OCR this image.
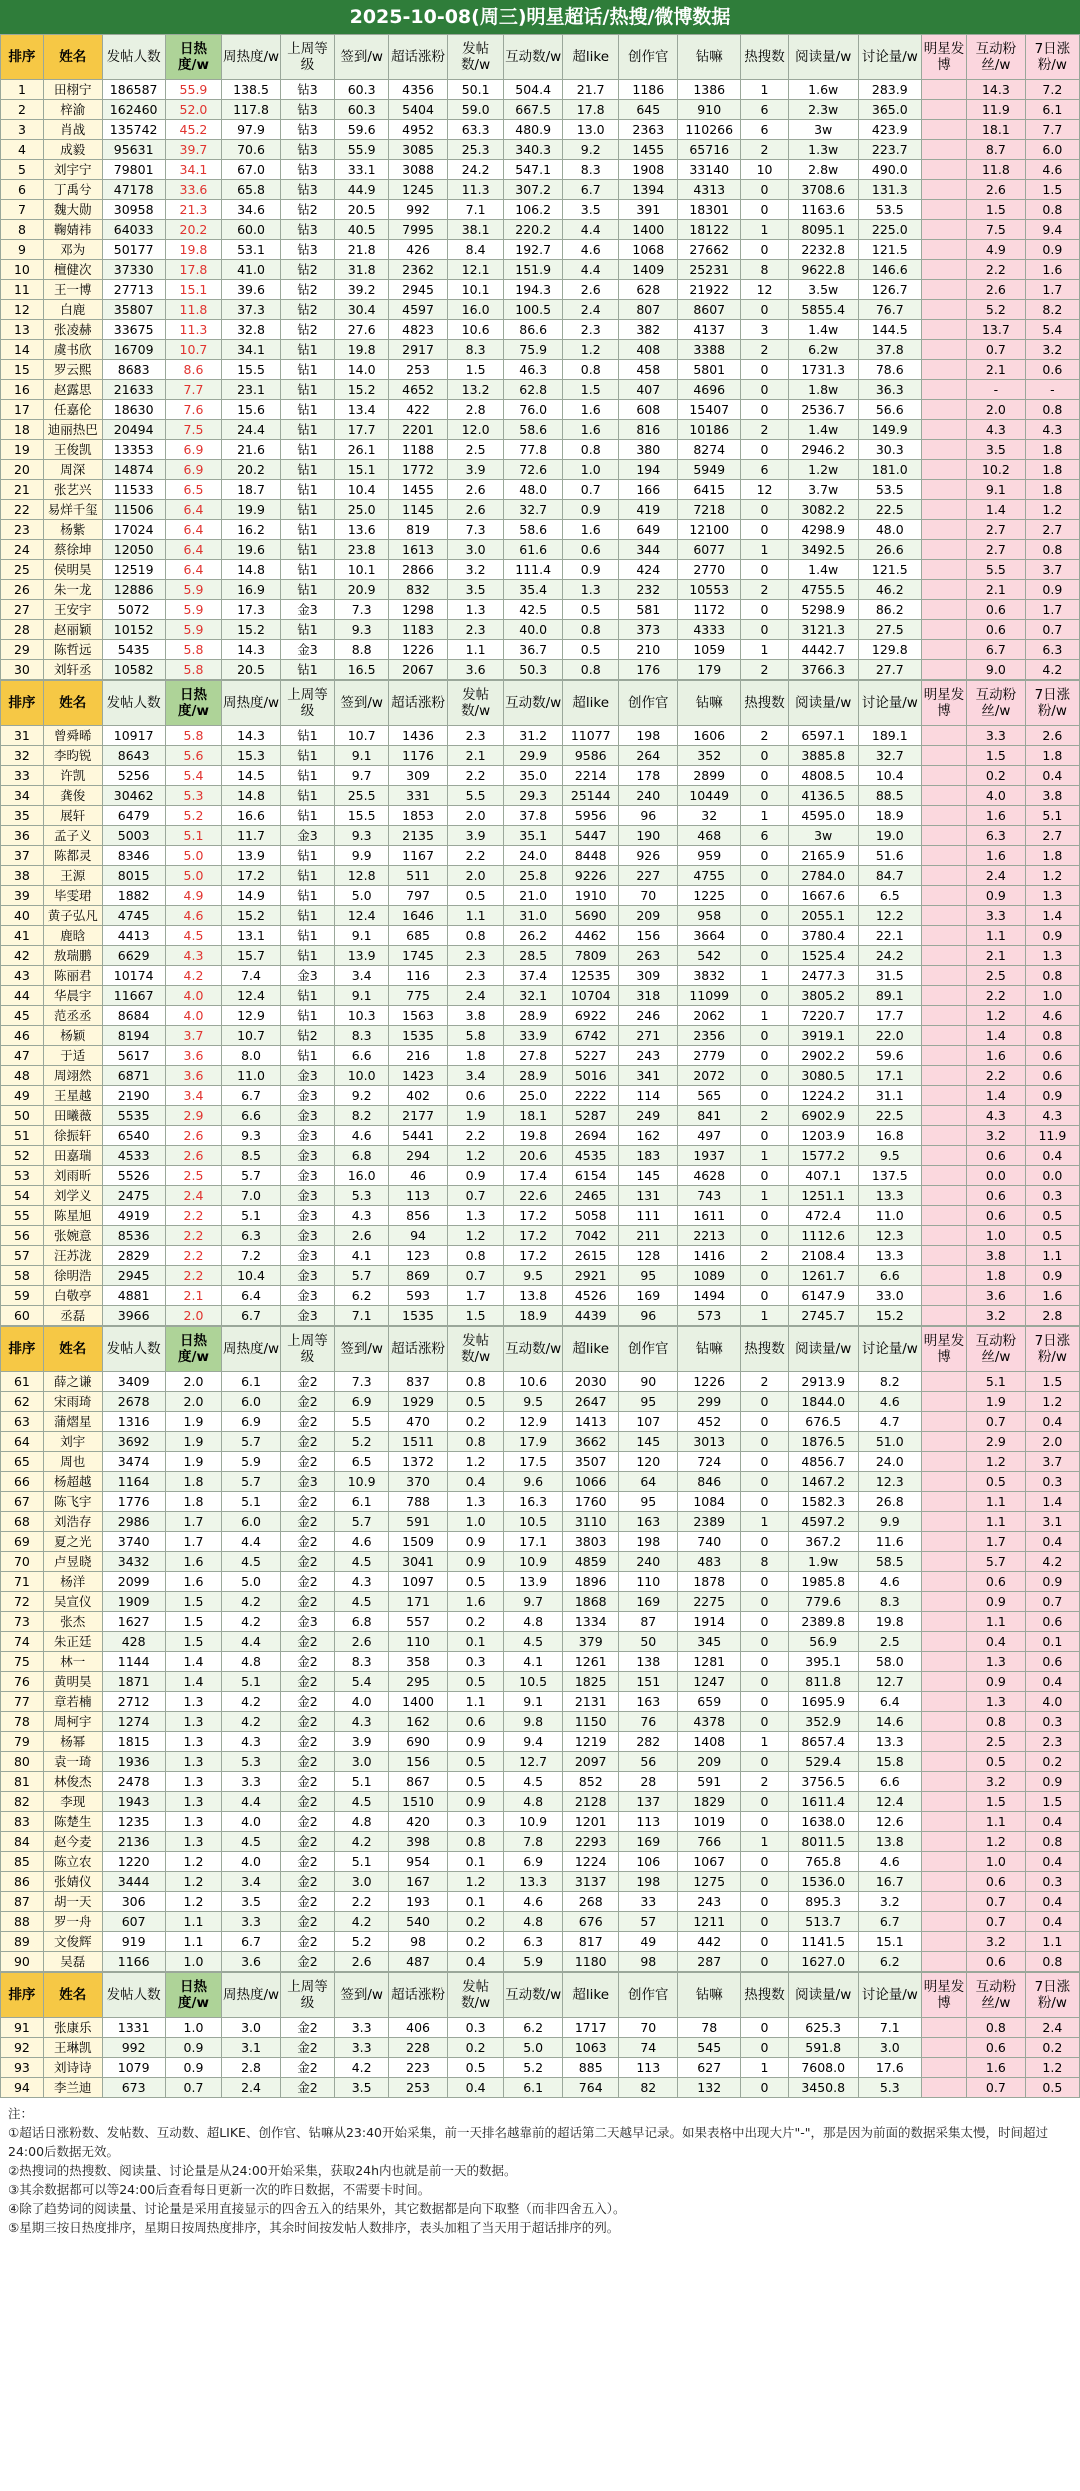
2025-10-08(周三)明星超话/热搜/微博数据
排序	姓名	发帖人数	日热度/w	周热度/w	上周等级	签到/w	超话涨粉	发帖数/w	互动数/w	超like	创作官	钻嘛	热搜数	阅读量/w	讨论量/w	明星发博	互动粉丝/w	7日涨粉/w
1	田栩宁	186587	55.9	138.5	钻3	60.3	4356	50.1	504.4	21.7	1186	1386	1	1.6w	283.9		14.3	7.2
2	梓渝	162460	52.0	117.8	钻3	60.3	5404	59.0	667.5	17.8	645	910	6	2.3w	365.0		11.9	6.1
3	肖战	135742	45.2	97.9	钻3	59.6	4952	63.3	480.9	13.0	2363	110266	6	3w	423.9		18.1	7.7
4	成毅	95631	39.7	70.6	钻3	55.9	3085	25.3	340.3	9.2	1455	65716	2	1.3w	223.7		8.7	6.0
5	刘宇宁	79801	34.1	67.0	钻3	33.1	3088	24.2	547.1	8.3	1908	33140	10	2.8w	490.0		11.8	4.6
6	丁禹兮	47178	33.6	65.8	钻3	44.9	1245	11.3	307.2	6.7	1394	4313	0	3708.6	131.3		2.6	1.5
7	魏大勋	30958	21.3	34.6	钻2	20.5	992	7.1	106.2	3.5	391	18301	0	1163.6	53.5		1.5	0.8
8	鞠婧祎	64033	20.2	60.0	钻3	40.5	7995	38.1	220.2	4.4	1400	18122	1	8095.1	225.0		7.5	9.4
9	邓为	50177	19.8	53.1	钻3	21.8	426	8.4	192.7	4.6	1068	27662	0	2232.8	121.5		4.9	0.9
10	檀健次	37330	17.8	41.0	钻2	31.8	2362	12.1	151.9	4.4	1409	25231	8	9622.8	146.6		2.2	1.6
11	王一博	27713	15.1	39.6	钻2	39.2	2945	10.1	194.3	2.6	628	21922	12	3.5w	126.7		2.6	1.7
12	白鹿	35807	11.8	37.3	钻2	30.4	4597	16.0	100.5	2.4	807	8607	0	5855.4	76.7		5.2	8.2
13	张凌赫	33675	11.3	32.8	钻2	27.6	4823	10.6	86.6	2.3	382	4137	3	1.4w	144.5		13.7	5.4
14	虞书欣	16709	10.7	34.1	钻1	19.8	2917	8.3	75.9	1.2	408	3388	2	6.2w	37.8		0.7	3.2
15	罗云熙	8683	8.6	15.5	钻1	14.0	253	1.5	46.3	0.8	458	5801	0	1731.3	78.6		2.1	0.6
16	赵露思	21633	7.7	23.1	钻1	15.2	4652	13.2	62.8	1.5	407	4696	0	1.8w	36.3		-	-
17	任嘉伦	18630	7.6	15.6	钻1	13.4	422	2.8	76.0	1.6	608	15407	0	2536.7	56.6		2.0	0.8
18	迪丽热巴	20494	7.5	24.4	钻1	17.7	2201	12.0	58.6	1.6	816	10186	2	1.4w	149.9		4.3	4.3
19	王俊凯	13353	6.9	21.6	钻1	26.1	1188	2.5	77.8	0.8	380	8274	0	2946.2	30.3		3.5	1.8
20	周深	14874	6.9	20.2	钻1	15.1	1772	3.9	72.6	1.0	194	5949	6	1.2w	181.0		10.2	1.8
21	张艺兴	11533	6.5	18.7	钻1	10.4	1455	2.6	48.0	0.7	166	6415	12	3.7w	53.5		9.1	1.8
22	易烊千玺	11506	6.4	19.9	钻1	25.0	1145	2.6	32.7	0.9	419	7218	0	3082.2	22.5		1.4	1.2
23	杨紫	17024	6.4	16.2	钻1	13.6	819	7.3	58.6	1.6	649	12100	0	4298.9	48.0		2.7	2.7
24	蔡徐坤	12050	6.4	19.6	钻1	23.8	1613	3.0	61.6	0.6	344	6077	1	3492.5	26.6		2.7	0.8
25	侯明昊	12519	6.4	14.8	钻1	10.1	2866	3.2	111.4	0.9	424	2770	0	1.4w	121.5		5.5	3.7
26	朱一龙	12886	5.9	16.9	钻1	20.9	832	3.5	35.4	1.3	232	10553	2	4755.5	46.2		2.1	0.9
27	王安宇	5072	5.9	17.3	金3	7.3	1298	1.3	42.5	0.5	581	1172	0	5298.9	86.2		0.6	1.7
28	赵丽颖	10152	5.9	15.2	钻1	9.3	1183	2.3	40.0	0.8	373	4333	0	3121.3	27.5		0.6	0.7
29	陈哲远	5435	5.8	14.3	金3	8.8	1226	1.1	36.7	0.5	210	1059	1	4442.7	129.8		6.7	6.3
30	刘轩丞	10582	5.8	20.5	钻1	16.5	2067	3.6	50.3	0.8	176	179	2	3766.3	27.7		9.0	4.2
排序	姓名	发帖人数	日热度/w	周热度/w	上周等级	签到/w	超话涨粉	发帖数/w	互动数/w	超like	创作官	钻嘛	热搜数	阅读量/w	讨论量/w	明星发博	互动粉丝/w	7日涨粉/w
31	曾舜晞	10917	5.8	14.3	钻1	10.7	1436	2.3	31.2	11077	198	1606	2	6597.1	189.1		3.3	2.6
32	李昀锐	8643	5.6	15.3	钻1	9.1	1176	2.1	29.9	9586	264	352	0	3885.8	32.7		1.5	1.8
33	许凯	5256	5.4	14.5	钻1	9.7	309	2.2	35.0	2214	178	2899	0	4808.5	10.4		0.2	0.4
34	龚俊	30462	5.3	14.8	钻1	25.5	331	5.5	29.3	25144	240	10449	0	4136.5	88.5		4.0	3.8
35	展轩	6479	5.2	16.6	钻1	15.5	1853	2.0	37.8	5956	96	32	1	4595.0	18.9		1.6	5.1
36	孟子义	5003	5.1	11.7	金3	9.3	2135	3.9	35.1	5447	190	468	6	3w	19.0		6.3	2.7
37	陈都灵	8346	5.0	13.9	钻1	9.9	1167	2.2	24.0	8448	926	959	0	2165.9	51.6		1.6	1.8
38	王源	8015	5.0	17.2	钻1	12.8	511	2.0	25.8	9226	227	4755	0	2784.0	84.7		2.4	1.2
39	毕雯珺	1882	4.9	14.9	钻1	5.0	797	0.5	21.0	1910	70	1225	0	1667.6	6.5		0.9	1.3
40	黄子弘凡	4745	4.6	15.2	钻1	12.4	1646	1.1	31.0	5690	209	958	0	2055.1	12.2		3.3	1.4
41	鹿晗	4413	4.5	13.1	钻1	9.1	685	0.8	26.2	4462	156	3664	0	3780.4	22.1		1.1	0.9
42	敖瑞鹏	6629	4.3	15.7	钻1	13.9	1745	2.3	28.5	7809	263	542	0	1525.4	24.2		2.1	1.3
43	陈丽君	10174	4.2	7.4	金3	3.4	116	2.3	37.4	12535	309	3832	1	2477.3	31.5		2.5	0.8
44	华晨宇	11667	4.0	12.4	钻1	9.1	775	2.4	32.1	10704	318	11099	0	3805.2	89.1		2.2	1.0
45	范丞丞	8684	4.0	12.9	钻1	10.3	1563	3.8	28.9	6922	246	2062	1	7220.7	17.7		1.2	4.6
46	杨颖	8194	3.7	10.7	钻2	8.3	1535	5.8	33.9	6742	271	2356	0	3919.1	22.0		1.4	0.8
47	于适	5617	3.6	8.0	钻1	6.6	216	1.8	27.8	5227	243	2779	0	2902.2	59.6		1.6	0.6
48	周翊然	6871	3.6	11.0	金3	10.0	1423	3.4	28.9	5016	341	2072	0	3080.5	17.1		2.2	0.6
49	王星越	2190	3.4	6.7	金3	9.2	402	0.6	25.0	2222	114	565	0	1224.2	31.1		1.4	0.9
50	田曦薇	5535	2.9	6.6	金3	8.2	2177	1.9	18.1	5287	249	841	2	6902.9	22.5		4.3	4.3
51	徐振轩	6540	2.6	9.3	金3	4.6	5441	2.2	19.8	2694	162	497	0	1203.9	16.8		3.2	11.9
52	田嘉瑞	4533	2.6	8.5	金3	6.8	294	1.2	20.6	4535	183	1937	1	1577.2	9.5		0.6	0.4
53	刘雨昕	5526	2.5	5.7	金3	16.0	46	0.9	17.4	6154	145	4628	0	407.1	137.5		0.0	0.0
54	刘学义	2475	2.4	7.0	金3	5.3	113	0.7	22.6	2465	131	743	1	1251.1	13.3		0.6	0.3
55	陈星旭	4919	2.2	5.1	金3	4.3	856	1.3	17.2	5058	111	1611	0	472.4	11.0		0.6	0.5
56	张婉意	8536	2.2	6.3	金3	2.6	94	1.2	17.2	7042	211	2213	0	1112.6	12.3		1.0	0.5
57	汪苏泷	2829	2.2	7.2	金3	4.1	123	0.8	17.2	2615	128	1416	2	2108.4	13.3		3.8	1.1
58	徐明浩	2945	2.2	10.4	金3	5.7	869	0.7	9.5	2921	95	1089	0	1261.7	6.6		1.8	0.9
59	白敬亭	4881	2.1	6.4	金3	6.2	593	1.7	13.8	4526	169	1494	0	6147.9	33.0		3.6	1.6
60	丞磊	3966	2.0	6.7	金3	7.1	1535	1.5	18.9	4439	96	573	1	2745.7	15.2		3.2	2.8
排序	姓名	发帖人数	日热度/w	周热度/w	上周等级	签到/w	超话涨粉	发帖数/w	互动数/w	超like	创作官	钻嘛	热搜数	阅读量/w	讨论量/w	明星发博	互动粉丝/w	7日涨粉/w
61	薛之谦	3409	2.0	6.1	金2	7.3	837	0.8	10.6	2030	90	1226	2	2913.9	8.2		5.1	1.5
62	宋雨琦	2678	2.0	6.0	金2	6.9	1929	0.5	9.5	2647	95	299	0	1844.0	4.6		1.9	1.2
63	蒲熠星	1316	1.9	6.9	金2	5.5	470	0.2	12.9	1413	107	452	0	676.5	4.7		0.7	0.4
64	刘宇	3692	1.9	5.7	金2	5.2	1511	0.8	17.9	3662	145	3013	0	1876.5	51.0		2.9	2.0
65	周也	3474	1.9	5.9	金2	6.5	1372	1.2	17.5	3507	120	724	0	4856.7	24.0		1.2	3.7
66	杨超越	1164	1.8	5.7	金3	10.9	370	0.4	9.6	1066	64	846	0	1467.2	12.3		0.5	0.3
67	陈飞宇	1776	1.8	5.1	金2	6.1	788	1.3	16.3	1760	95	1084	0	1582.3	26.8		1.1	1.4
68	刘浩存	2986	1.7	6.0	金2	5.7	591	1.0	10.5	3110	163	2389	1	4597.2	9.9		1.1	3.1
69	夏之光	3740	1.7	4.4	金2	4.6	1509	0.9	17.1	3803	198	740	0	367.2	11.6		1.7	0.4
70	卢昱晓	3432	1.6	4.5	金2	4.5	3041	0.9	10.9	4859	240	483	8	1.9w	58.5		5.7	4.2
71	杨洋	2099	1.6	5.0	金2	4.3	1097	0.5	13.9	1896	110	1878	0	1985.8	4.6		0.6	0.9
72	吴宣仪	1909	1.5	4.2	金2	4.5	171	1.6	9.7	1868	169	2275	0	779.6	8.3		0.9	0.7
73	张杰	1627	1.5	4.2	金3	6.8	557	0.2	4.8	1334	87	1914	0	2389.8	19.8		1.1	0.6
74	朱正廷	428	1.5	4.4	金2	2.6	110	0.1	4.5	379	50	345	0	56.9	2.5		0.4	0.1
75	林一	1144	1.4	4.8	金2	8.3	358	0.3	4.1	1261	138	1281	0	395.1	58.0		1.3	0.6
76	黄明昊	1871	1.4	5.1	金2	5.4	295	0.5	10.5	1825	151	1247	0	811.8	12.7		0.9	0.4
77	章若楠	2712	1.3	4.2	金2	4.0	1400	1.1	9.1	2131	163	659	0	1695.9	6.4		1.3	4.0
78	周柯宇	1274	1.3	4.2	金2	4.3	162	0.6	9.8	1150	76	4378	0	352.9	14.6		0.8	0.3
79	杨幂	1815	1.3	4.3	金2	3.9	690	0.9	9.4	1219	282	1408	1	8657.4	13.3		2.5	2.3
80	袁一琦	1936	1.3	5.3	金2	3.0	156	0.5	12.7	2097	56	209	0	529.4	15.8		0.5	0.2
81	林俊杰	2478	1.3	3.3	金2	5.1	867	0.5	4.5	852	28	591	2	3756.5	6.6		3.2	0.9
82	李现	1943	1.3	4.4	金2	4.5	1510	0.9	4.8	2128	137	1829	0	1611.4	12.4		1.5	1.5
83	陈楚生	1235	1.3	4.0	金2	4.8	420	0.3	10.9	1201	113	1019	0	1638.0	12.6		1.1	0.4
84	赵今麦	2136	1.3	4.5	金2	4.2	398	0.8	7.8	2293	169	766	1	8011.5	13.8		1.2	0.8
85	陈立农	1220	1.2	4.0	金2	5.1	954	0.1	6.9	1224	106	1067	0	765.8	4.6		1.0	0.4
86	张婧仪	3444	1.2	3.4	金2	3.0	167	1.2	13.3	3137	198	1275	0	1536.0	16.7		0.6	0.3
87	胡一天	306	1.2	3.5	金2	2.2	193	0.1	4.6	268	33	243	0	895.3	3.2		0.7	0.4
88	罗一舟	607	1.1	3.3	金2	4.2	540	0.2	4.8	676	57	1211	0	513.7	6.7		0.7	0.4
89	文俊辉	919	1.1	6.7	金2	5.2	98	0.2	6.3	817	49	442	0	1141.5	15.1		3.2	1.1
90	吴磊	1166	1.0	3.6	金2	2.6	487	0.4	5.9	1180	98	287	0	1627.0	6.2		0.6	0.8
排序	姓名	发帖人数	日热度/w	周热度/w	上周等级	签到/w	超话涨粉	发帖数/w	互动数/w	超like	创作官	钻嘛	热搜数	阅读量/w	讨论量/w	明星发博	互动粉丝/w	7日涨粉/w
91	张康乐	1331	1.0	3.0	金2	3.3	406	0.3	6.2	1717	70	78	0	625.3	7.1		0.8	2.4
92	王琳凯	992	0.9	3.1	金2	3.3	228	0.2	5.0	1063	74	545	0	591.8	3.0		0.6	0.2
93	刘诗诗	1079	0.9	2.8	金2	4.2	223	0.5	5.2	885	113	627	1	7608.0	17.6		1.6	1.2
94	李兰迪	673	0.7	2.4	金2	3.5	253	0.4	6.1	764	82	132	0	3450.8	5.3		0.7	0.5
注：
①超话日涨粉数、发帖数、互动数、超LIKE、创作官、钻嘛从23:40开始采集，前一天排名越靠前的超话第二天越早记录。如果表格中出现大片"-"，那是因为前面的数据采集太慢，时间超过24:00后数据无效。
②热搜词的热搜数、阅读量、讨论量是从24:00开始采集，获取24h内也就是前一天的数据。
③其余数据都可以等24:00后查看每日更新一次的昨日数据，不需要卡时间。
④除了趋势词的阅读量、讨论量是采用直接显示的四舍五入的结果外，其它数据都是向下取整（而非四舍五入）。
⑤星期三按日热度排序，星期日按周热度排序，其余时间按发帖人数排序，表头加粗了当天用于超话排序的列。
